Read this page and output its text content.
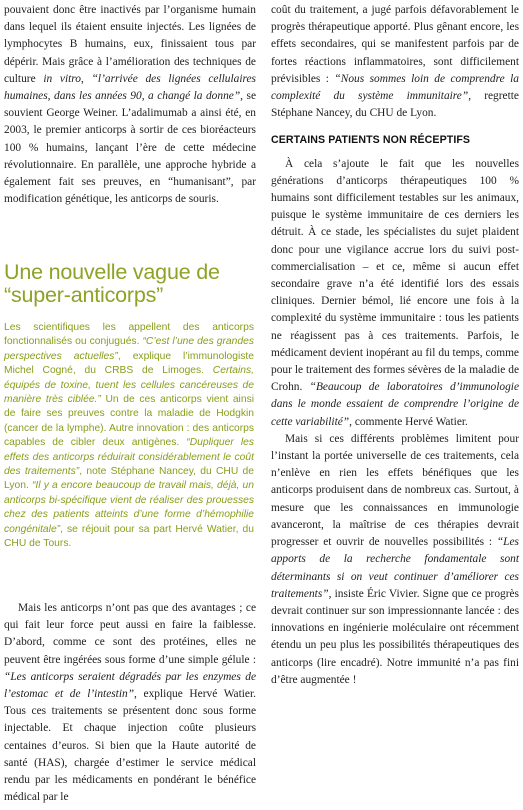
pouvaient donc être inactivés par l’organisme humain dans lequel ils étaient ensuite injectés. Les lignées de lymphocytes B humains, eux, finissaient tous par dépérir. Mais grâce à l’amélioration des techniques de culture in vitro, “l’arrivée des lignées cellulaires humaines, dans les années 90, a changé la donne”, se souvient George Weiner. L’adalimumab a ainsi été, en 2003, le premier anticorps à sortir de ces bioréacteurs 100 % humains, lançant l’ère de cette médecine révolutionnaire. En parallèle, une approche hybride a également fait ses preuves, en “humanisant”, par modification génétique, les anticorps de souris.

Une nouvelle vague de “super-anticorps”

Les scientifiques les appellent des anticorps fonctionnalisés ou conjugués. “C’est l’une des grandes perspectives actuelles”, explique l’immunologiste Michel Cogné, du CRBS de Limoges. Certains, équipés de toxine, tuent les cellules cancéreuses de manière très ciblée.” Un de ces anticorps vient ainsi de faire ses preuves contre la maladie de Hodgkin (cancer de la lymphe). Autre innovation : des anticorps capables de cibler deux antigènes. “Dupliquer les effets des anticorps réduirait considérablement le coût des traitements”, note Stéphane Nancey, du CHU de Lyon. “Il y a encore beaucoup de travail mais, déjà, un anticorps bi-spécifique vient de réaliser des prouesses chez des patients atteints d’une forme d’hémophilie congénitale”, se réjouit pour sa part Hervé Watier, du CHU de Tours.

Mais les anticorps n’ont pas que des avantages ; ce qui fait leur force peut aussi en faire la faiblesse. D’abord, comme ce sont des protéines, elles ne peuvent être ingérées sous forme d’une simple gélule : “Les anticorps seraient dégradés par les enzymes de l’estomac et de l’intestin”, explique Hervé Watier. Tous ces traitements se présentent donc sous forme injectable. Et chaque injection coûte plusieurs centaines d’euros. Si bien que la Haute autorité de santé (HAS), chargée d’estimer le service médical rendu par les médicaments en pondérant le bénéfice médical par le

coût du traitement, a jugé parfois défavorablement le progrès thérapeutique apporté. Plus gênant encore, les effets secondaires, qui se manifestent parfois par de fortes réactions inflammatoires, sont difficilement prévisibles : “Nous sommes loin de comprendre la complexité du système immunitaire”, regrette Stéphane Nancey, du CHU de Lyon.

CERTAINS PATIENTS NON RÉCEPTIFS

À cela s’ajoute le fait que les nouvelles générations d’anticorps thérapeutiques 100 % humains sont difficilement testables sur les animaux, puisque le système immunitaire de ces derniers les détruit. À ce stade, les spécialistes du sujet plaident donc pour une vigilance accrue lors du suivi post-commercialisation – et ce, même si aucun effet secondaire grave n’a été identifié lors des essais cliniques. Dernier bémol, lié encore une fois à la complexité du système immunitaire : tous les patients ne réagissent pas à ces traitements. Parfois, le médicament devient inopérant au fil du temps, comme pour le traitement des formes sévères de la maladie de Crohn. “Beaucoup de laboratoires d’immunologie dans le monde essaient de comprendre l’origine de cette variabilité”, commente Hervé Watier.

Mais si ces différents problèmes limitent pour l’instant la portée universelle de ces traitements, cela n’enlève en rien les effets bénéfiques que les anticorps produisent dans de nombreux cas. Surtout, à mesure que les connaissances en immunologie avanceront, la maîtrise de ces thérapies devrait progresser et ouvrir de nouvelles possibilités : “Les apports de la recherche fondamentale sont déterminants si on veut continuer d’améliorer ces traitements”, insiste Éric Vivier. Signe que ce progrès devrait continuer sur son impressionnante lancée : des innovations en ingénierie moléculaire ont récemment étendu un peu plus les possibilités thérapeutiques des anticorps (lire encadré). Notre immunité n’a pas fini d’être augmentée !
